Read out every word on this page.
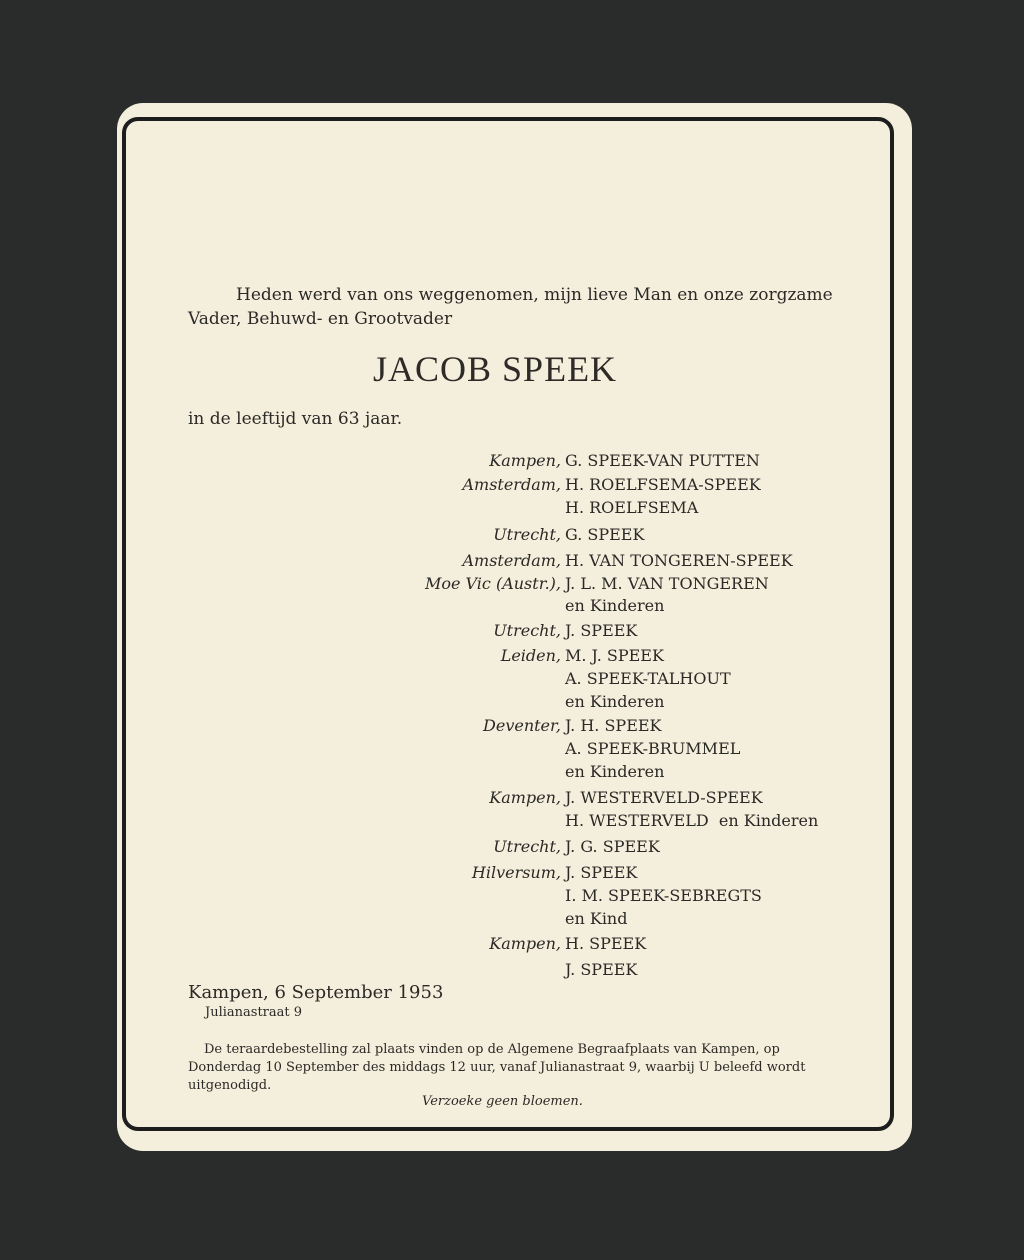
Heden werd van ons weggenomen, mijn lieve Man en onze zorgzame

Vader, Behuwd- en Grootvader

JACOB SPEEK

in de leeftijd van 63 jaar.

Kampen, G. SPEEK-VAN PUTTEN
Amsterdam, H. ROELFSEMA-SPEEK
H. ROELFSEMA
Utrecht, G. SPEEK
Amsterdam, H. VAN TONGEREN-SPEEK
Moe Vic (Austr.), J. L. M. VAN TONGEREN
en Kinderen
Utrecht, J. SPEEK
Leiden, M. J. SPEEK
A. SPEEK-TALHOUT
en Kinderen
Deventer, J. H. SPEEK
A. SPEEK-BRUMMEL
en Kinderen
Kampen, J. WESTERVELD-SPEEK
H. WESTERVELD  en Kinderen
Utrecht, J. G. SPEEK
Hilversum, J. SPEEK
I. M. SPEEK-SEBREGTS
en Kind
Kampen, H. SPEEK
J. SPEEK

Kampen, 6 September 1953

Julianastraat 9

De teraardebestelling zal plaats vinden op de Algemene Begraafplaats van Kampen, op

Donderdag 10 September des middags 12 uur, vanaf Julianastraat 9, waarbij U beleefd wordt

uitgenodigd.

Verzoeke geen bloemen.
